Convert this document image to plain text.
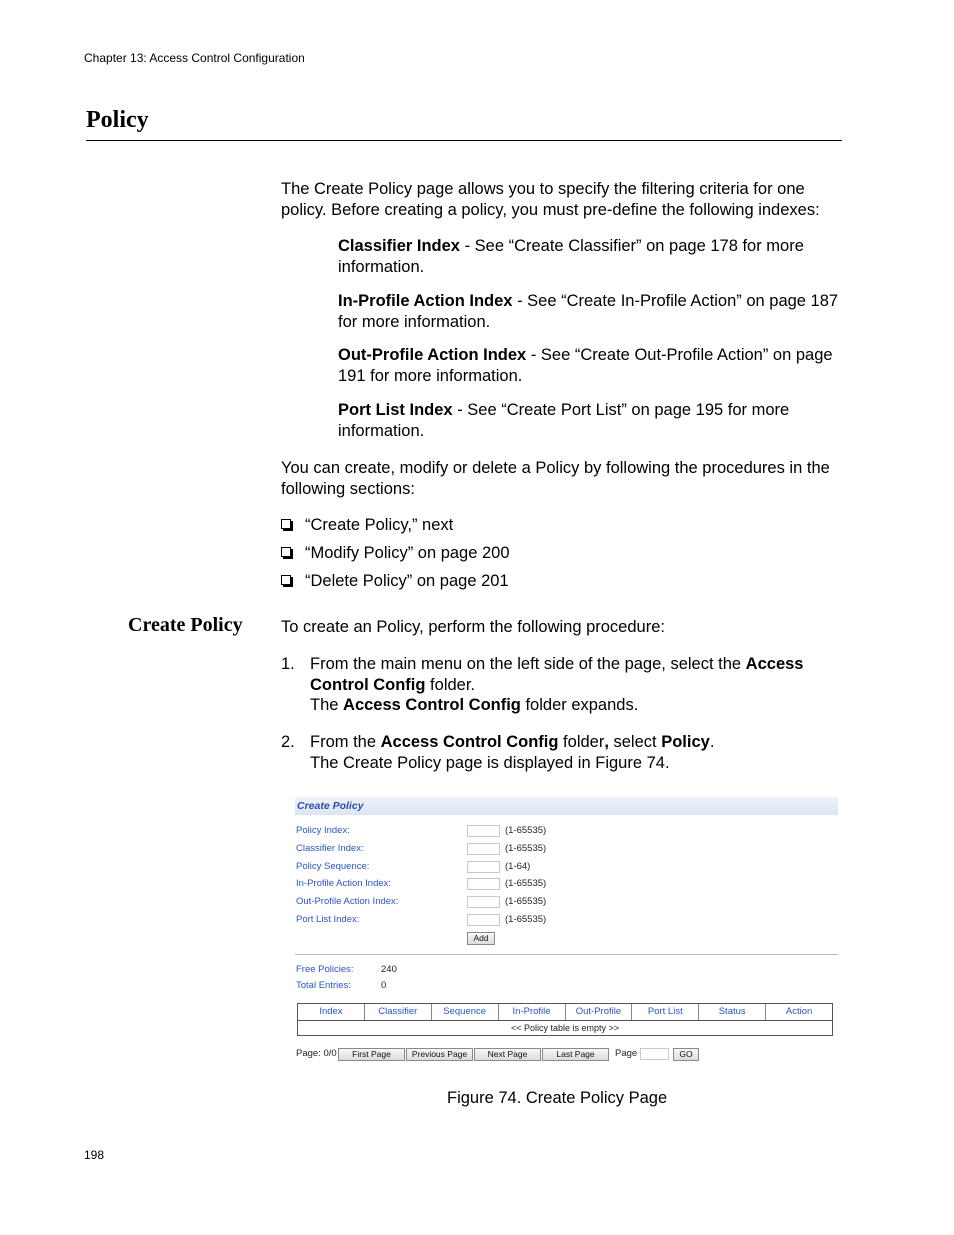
Chapter 13: Access Control Configuration
Policy
The Create Policy page allows you to specify the filtering criteria for one policy. Before creating a policy, you must pre-define the following indexes:
Classifier Index - See “Create Classifier” on page 178 for more information.
In-Profile Action Index - See “Create In-Profile Action” on page 187 for more information.
Out-Profile Action Index - See “Create Out-Profile Action” on page 191 for more information.
Port List Index - See “Create Port List” on page 195 for more information.
You can create, modify or delete a Policy by following the procedures in the following sections:
“Create Policy,” next
“Modify Policy” on page 200
“Delete Policy” on page 201
Create Policy To create an Policy, perform the following procedure:
1. From the main menu on the left side of the page, select the Access Control Config folder.
The Access Control Config folder expands.
2. From the Access Control Config folder, select Policy.
The Create Policy page is displayed in Figure 74.
Create Policy
Policy Index:	(1-65535)
Classifier Index:	(1-65535)
Policy Sequence:	(1-64)
In-Profile Action Index:	(1-65535)
Out-Profile Action Index:	(1-65535)
Port List Index:	(1-65535)
Add
Free Policies:	240
Total Entries:	0
Index	Classifier	Sequence	In-Profile	Out-Profile	Port List	Status	Action
<< Policy table is empty >>
Page: 0/0	First Page	Previous Page	Next Page	Last Page	Page	GO
Figure 74. Create Policy Page
198
